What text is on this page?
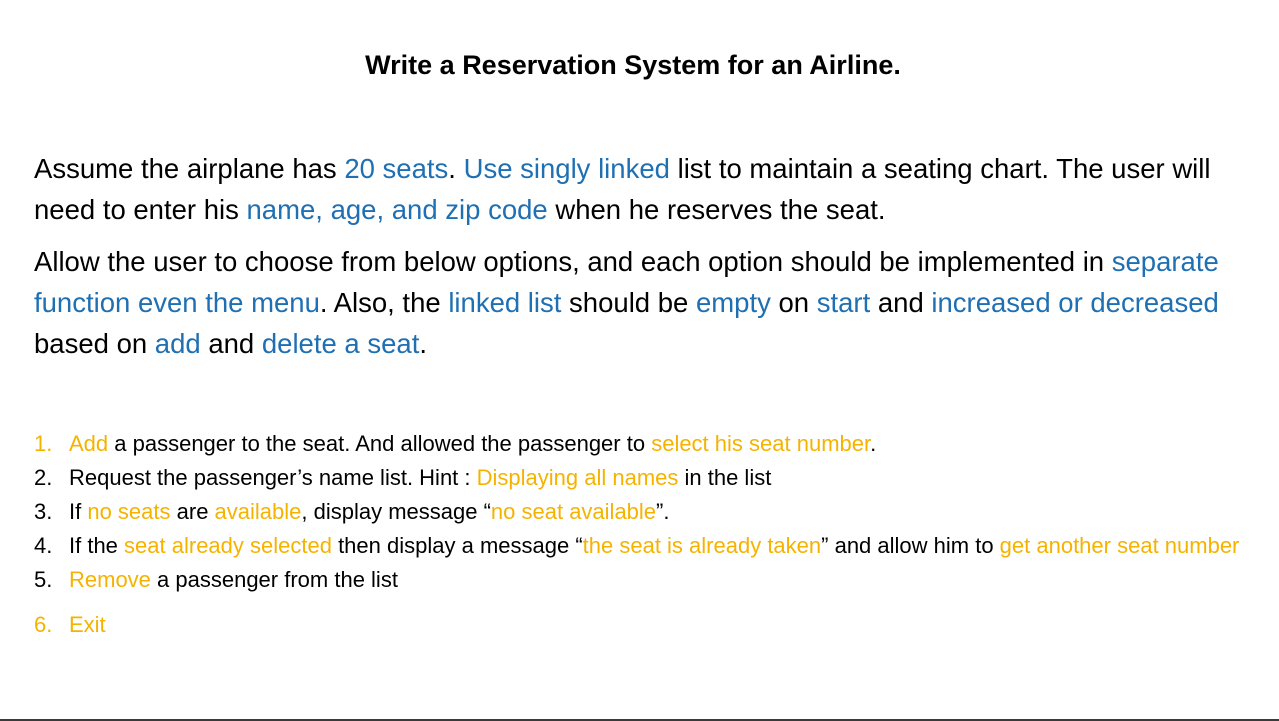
Write a Reservation System for an Airline.
Assume the airplane has 20 seats. Use singly linked list to maintain a seating chart. The user will need to enter his name, age, and zip code when he reserves the seat.
Allow the user to choose from below options, and each option should be implemented in separate function even the menu. Also, the linked list should be empty on start and increased or decreased based on add and delete a seat.
1. Add a passenger to the seat. And allowed the passenger to select his seat number.
2. Request the passenger’s name list. Hint : Displaying all names in the list
3. If no seats are available, display message “no seat available”.
4. If the seat already selected then display a message “the seat is already taken” and allow him to get another seat number
5. Remove a passenger from the list
6. Exit
